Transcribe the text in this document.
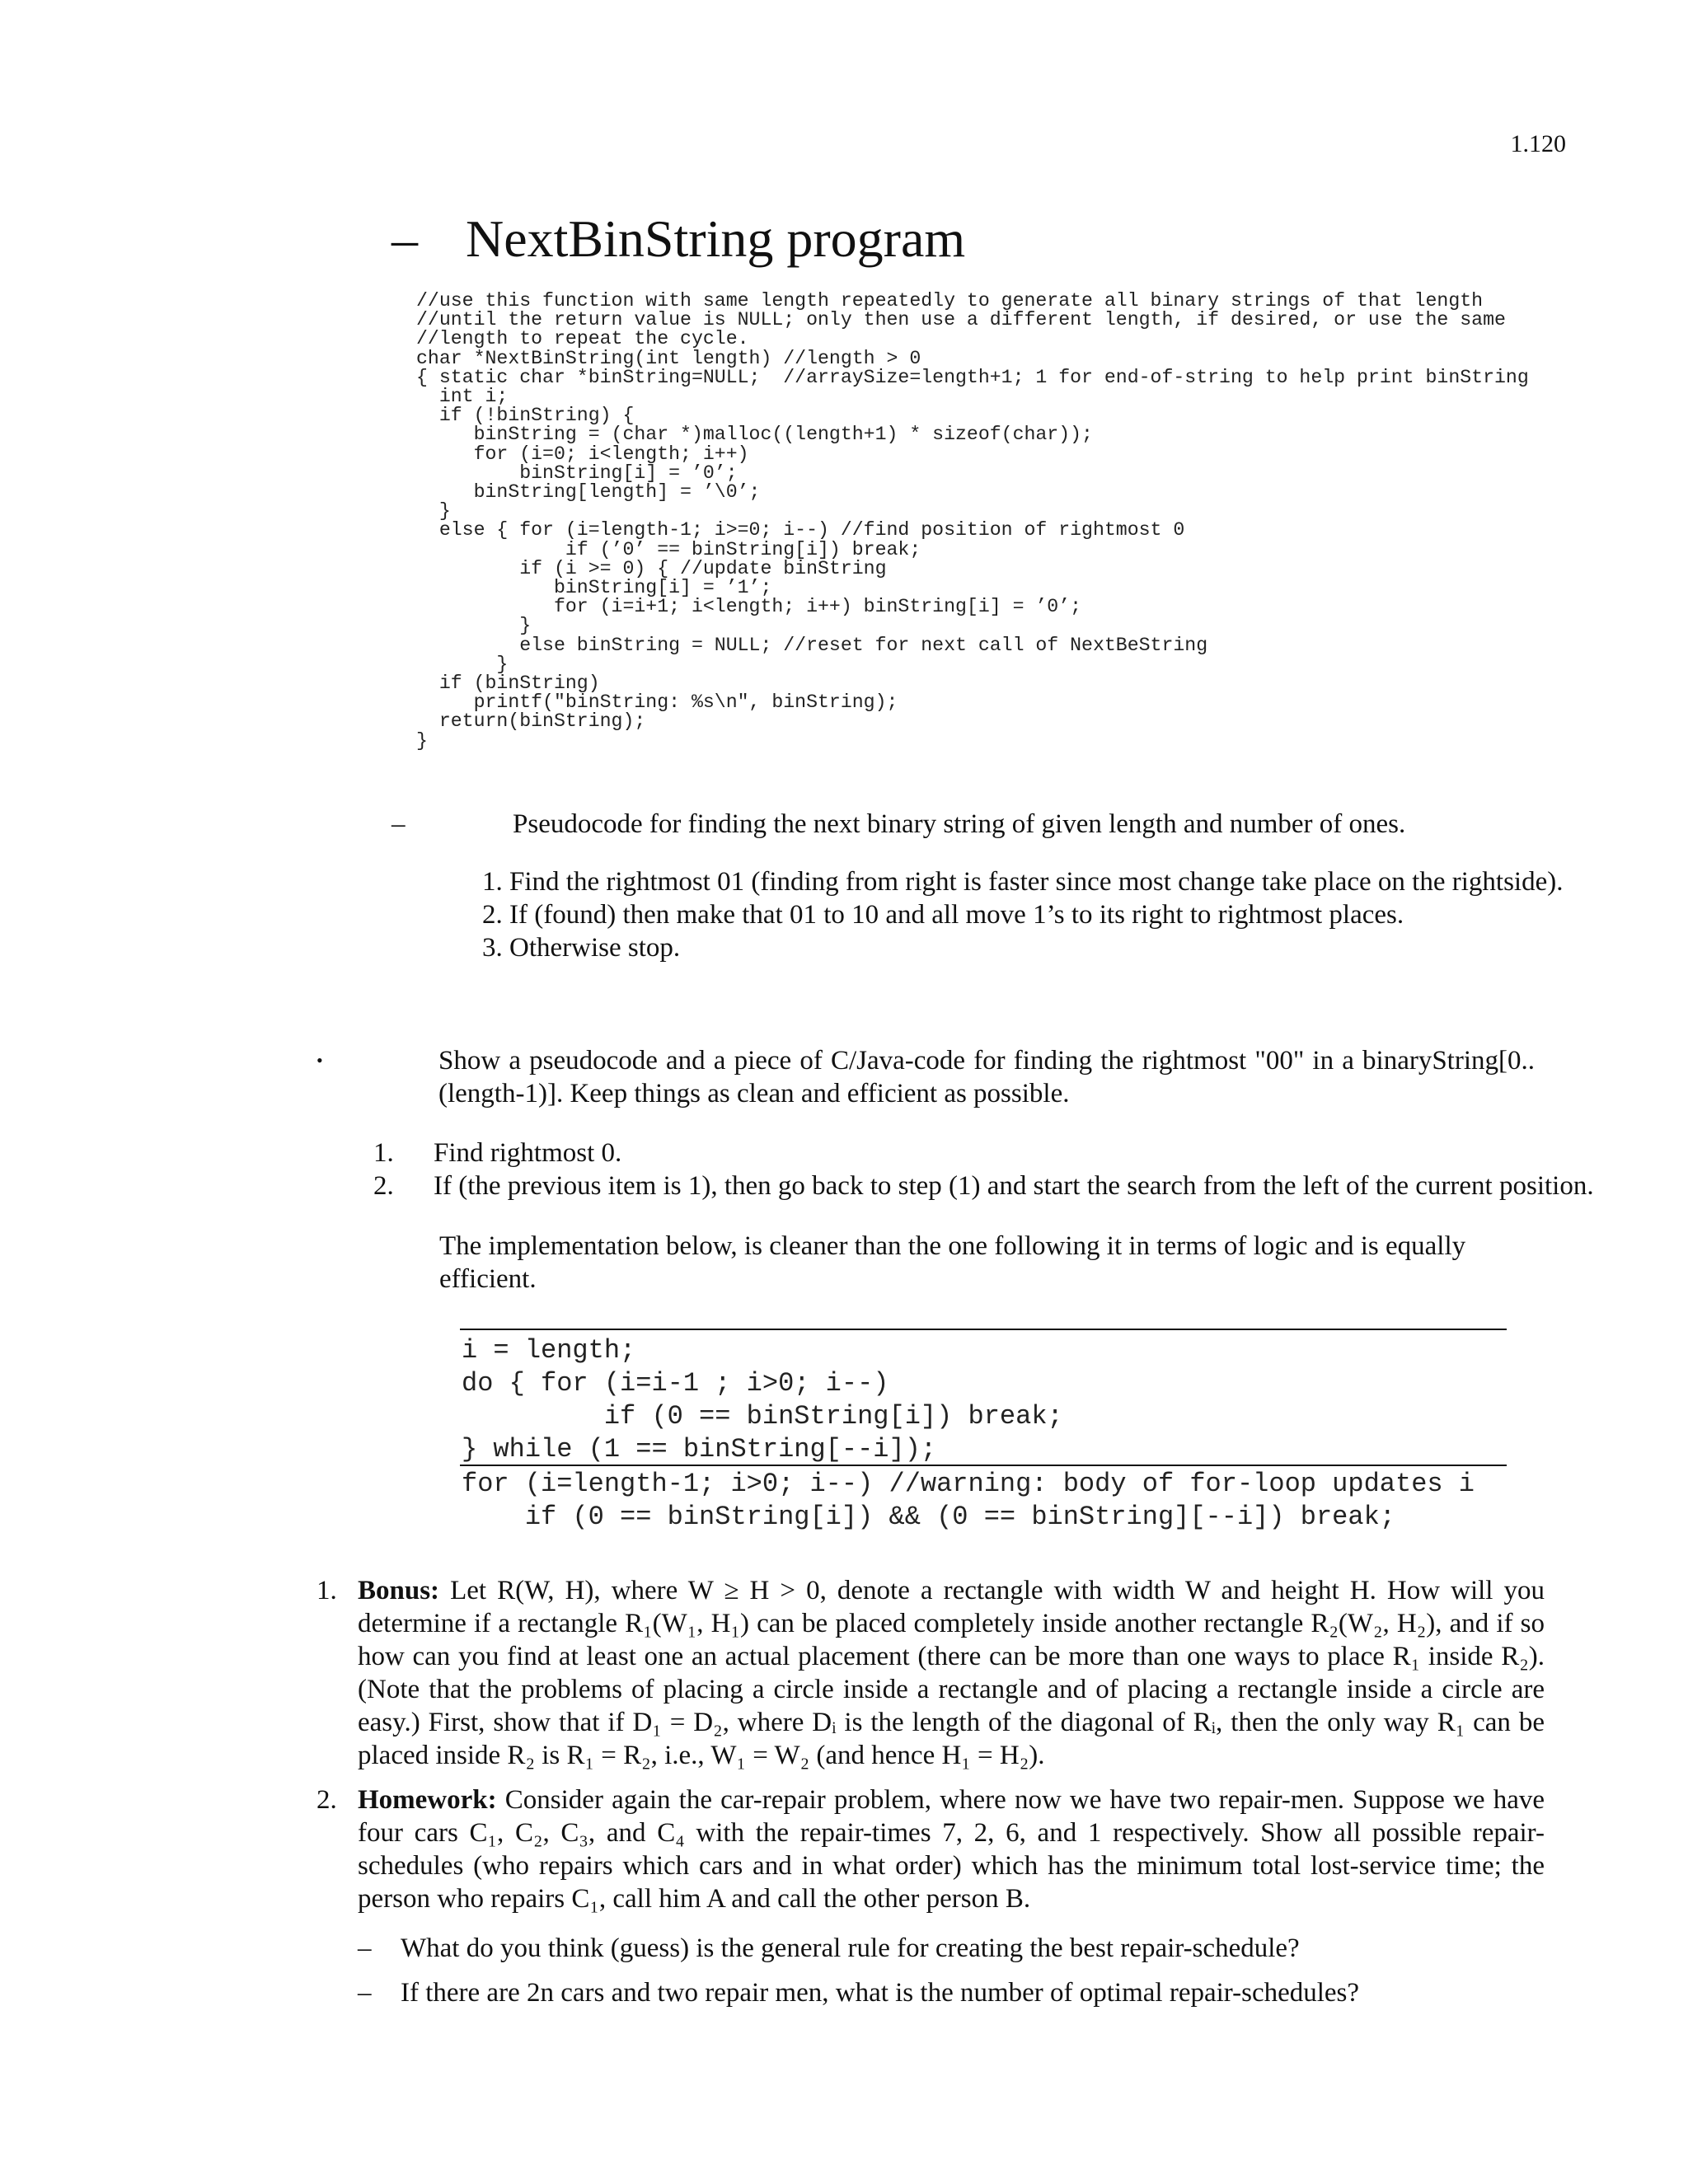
1.120
– NextBinString program
//use this function with same length repeatedly to generate all binary strings of that length
//until the return value is NULL; only then use a different length, if desired, or use the same
//length to repeat the cycle.
char *NextBinString(int length) //length > 0
{ static char *binString=NULL;  //arraySize=length+1; 1 for end-of-string to help print binString
int i;
if (!binString) {
binString = (char *)malloc((length+1) * sizeof(char));
for (i=0; i<length; i++)
binString[i] = ’0’;
binString[length] = ’\0’;
}
else { for (i=length-1; i>=0; i--) //find position of rightmost 0
if (’0’ == binString[i]) break;
if (i >= 0) { //update binString
binString[i] = ’1’;
for (i=i+1; i<length; i++) binString[i] = ’0’;
}
else binString = NULL; //reset for next call of NextBeString
}
if (binString)
printf("binString: %s\n", binString);
return(binString);
}
–	Pseudocode for finding the next binary string of given length and number of ones.
1. Find the rightmost 01 (finding from right is faster since most change take place on the rightside).
2. If (found) then make that 01 to 10 and all move 1’s to its right to rightmost places.
3. Otherwise stop.
•	Show a pseudocode and a piece of C/Java-code for finding the rightmost "00" in a binaryString[0..(length-1)]. Keep things as clean and efficient as possible.
1. Find rightmost 0.
2. If (the previous item is 1), then go back to step (1) and start the search from the left of the current position.
The implementation below, is cleaner than the one following it in terms of logic and is equally efficient.
i = length;
do { for (i=i-1 ; i>0; i--)
if (0 == binString[i]) break;
} while (1 == binString[--i]);
for (i=length-1; i>0; i--) //warning: body of for-loop updates i
if (0 == binString[i]) && (0 == binString][--i]) break;
1. Bonus: Let R(W, H), where W ≥ H > 0, denote a rectangle with width W and height H. How will you determine if a rectangle R₁(W₁, H₁) can be placed completely inside another rectangle R₂(W₂, H₂), and if so how can you find at least one an actual placement (there can be more than one ways to place R₁ inside R₂). (Note that the problems of placing a circle inside a rectangle and of placing a rectangle inside a circle are easy.) First, show that if D₁ = D₂, where Dᵢ is the length of the diagonal of Rᵢ, then the only way R₁ can be placed inside R₂ is R₁ = R₂, i.e., W₁ = W₂ (and hence H₁ = H₂).
2. Homework: Consider again the car-repair problem, where now we have two repair-men. Suppose we have four cars C₁, C₂, C₃, and C₄ with the repair-times 7, 2, 6, and 1 respectively. Show all possible repair-schedules (who repairs which cars and in what order) which has the minimum total lost-service time; the person who repairs C₁, call him A and call the other person B.
– What do you think (guess) is the general rule for creating the best repair-schedule?
– If there are 2n cars and two repair men, what is the number of optimal repair-schedules?
